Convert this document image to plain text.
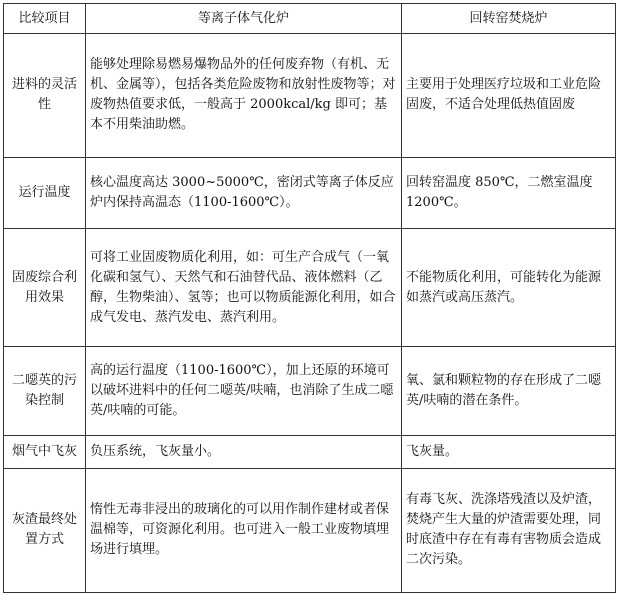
比较项目	等离子体气化炉	回转窑焚烧炉
进料的灵活性	能够处理除易燃易爆物品外的任何废弃物（有机、无机、金属等），包括各类危险废物和放射性废物等；对废物热值要求低，一般高于 2000kcal/kg 即可；基本不用柴油助燃。	主要用于处理医疗垃圾和工业危险固废，不适合处理低热值固废
运行温度	核心温度高达 3000~5000℃，密闭式等离子体反应炉内保持高温态（1100-1600℃）。	回转窑温度 850℃，二燃室温度 1200℃。
固废综合利用效果	可将工业固废物质化利用，如：可生产合成气（一氧化碳和氢气）、天然气和石油替代品、液体燃料（乙醇，生物柴油）、氢等；也可以物质能源化利用，如合成气发电、蒸汽发电、蒸汽利用。	不能物质化利用，可能转化为能源如蒸汽或高压蒸汽。
二噁英的污染控制	高的运行温度（1100-1600℃），加上还原的环境可以破坏进料中的任何二噁英/呋喃，也消除了生成二噁英/呋喃的可能。	氧、氯和颗粒物的存在形成了二噁英/呋喃的潜在条件。
烟气中飞灰	负压系统，飞灰量小。	飞灰量。
灰渣最终处置方式	惰性无毒非浸出的玻璃化的可以用作制作建材或者保温棉等，可资源化利用。也可进入一般工业废物填埋场进行填埋。	有毒飞灰、洗涤塔残渣以及炉渣，焚烧产生大量的炉渣需要处理，同时底渣中存在有毒有害物质会造成二次污染。
